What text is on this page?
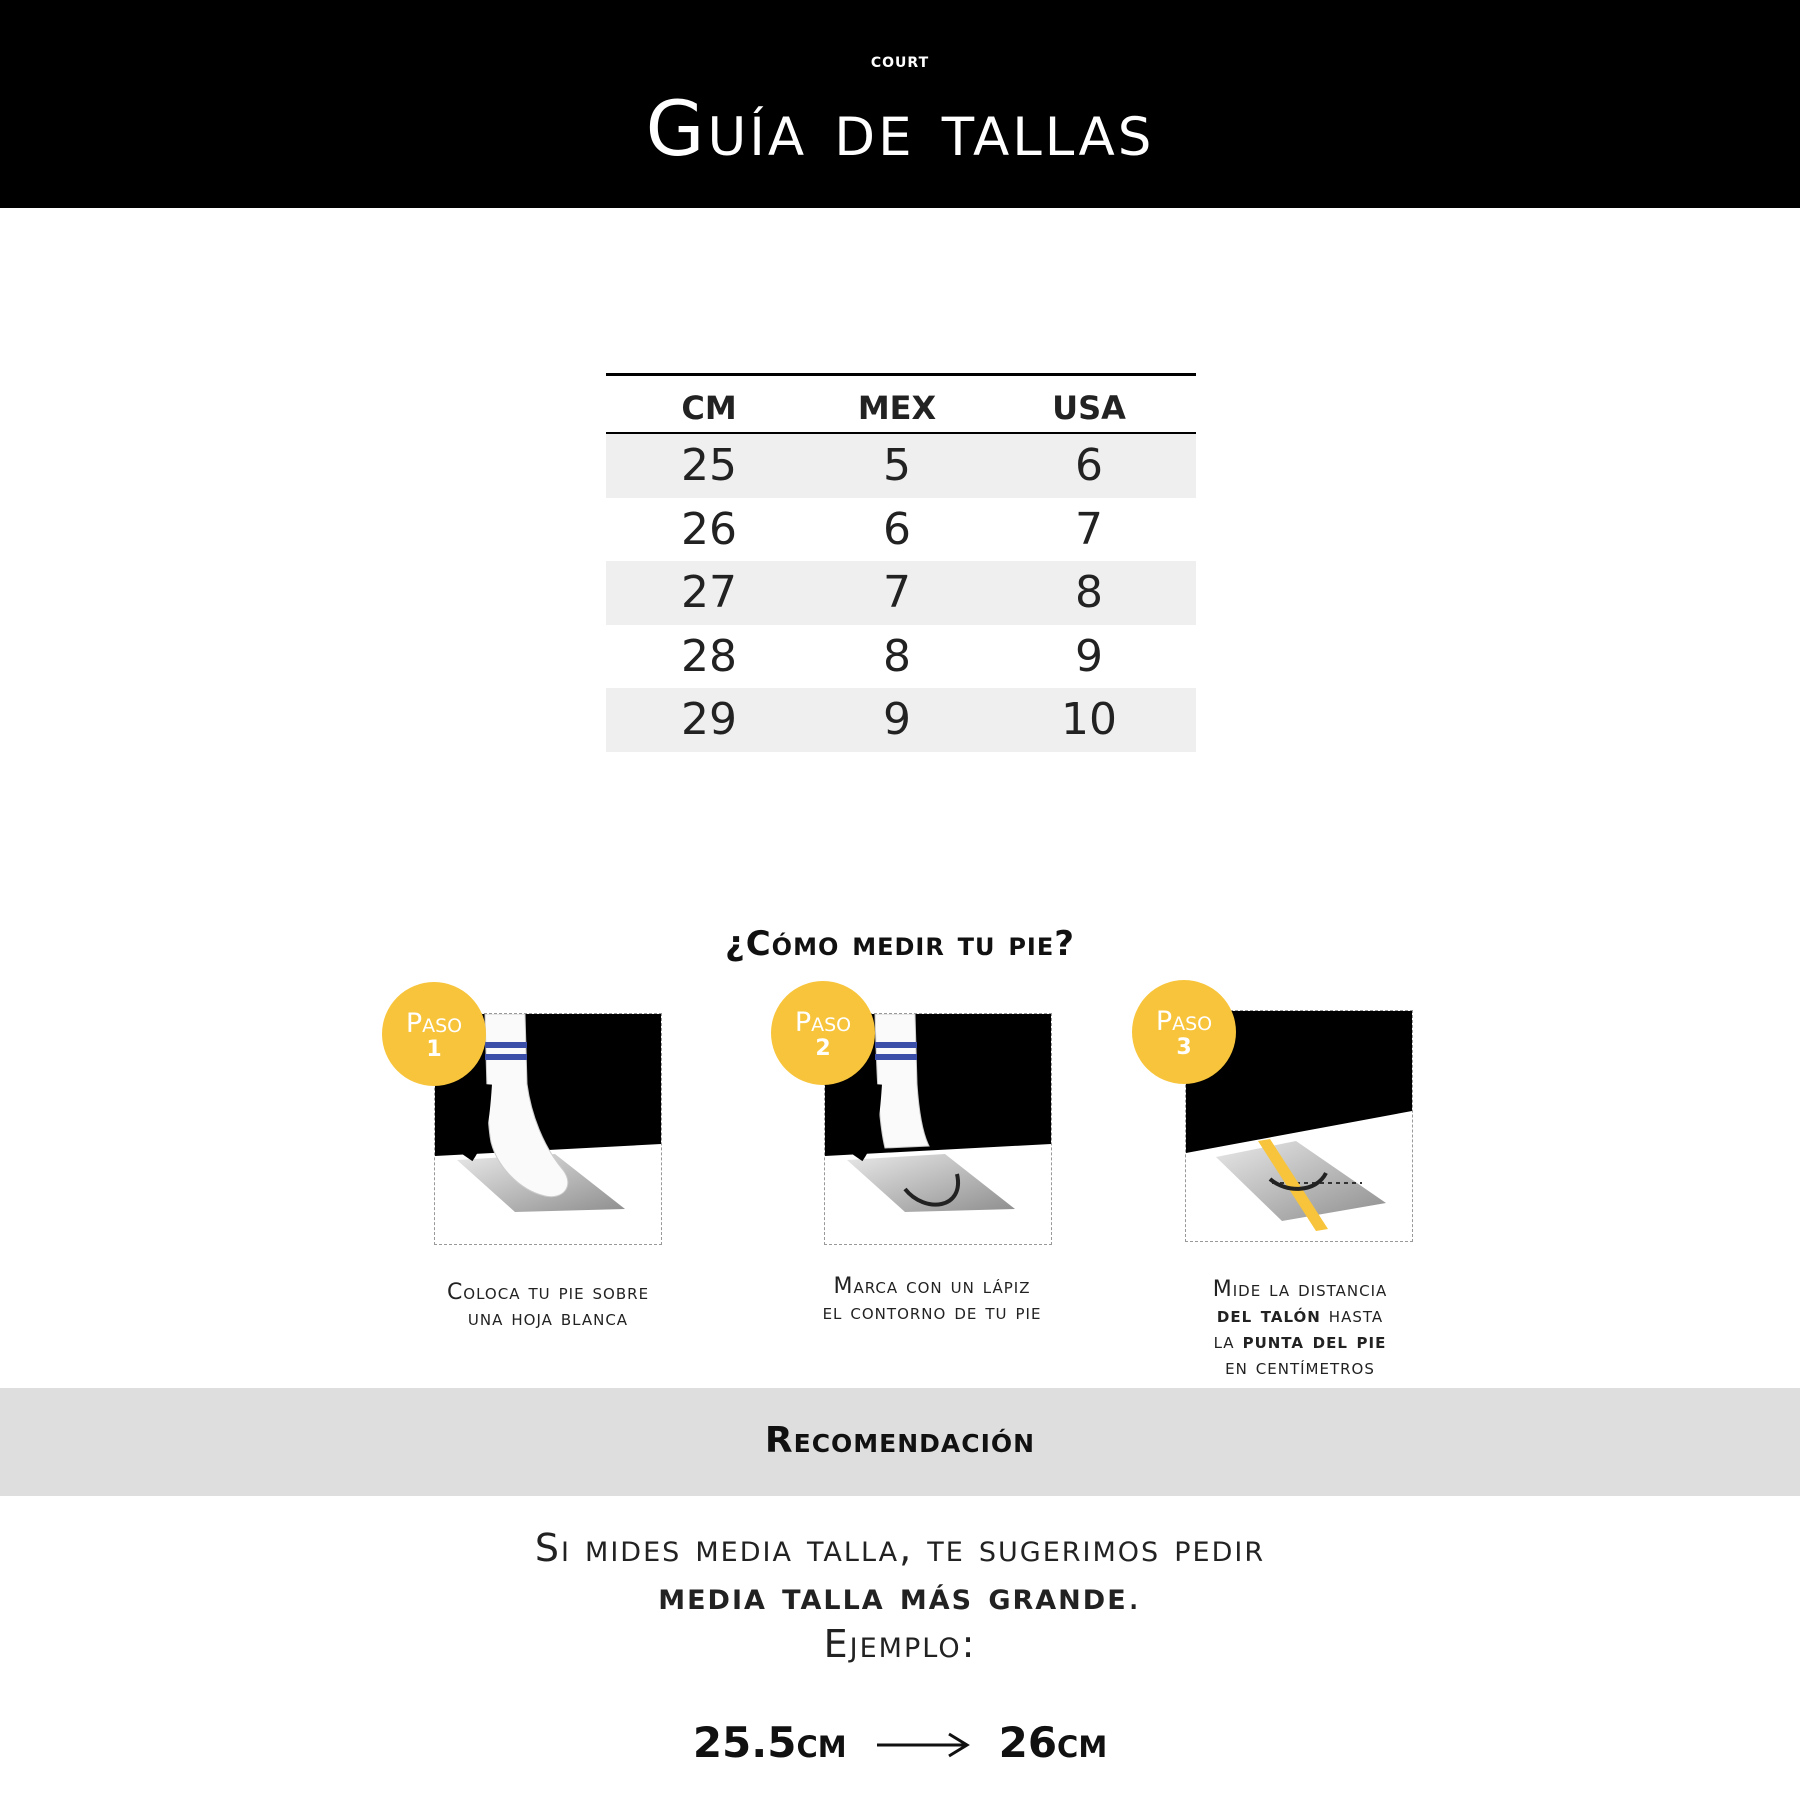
court
Guía de tallas
CM	MEX	USA
25	5	6
26	6	7
27	7	8
28	8	9
29	9	10
¿Cómo medir tu pie?
Paso
1
Coloca tu pie sobre
una hoja blanca
Paso
2
Marca con un lápiz
el contorno de tu pie
Paso
3
Mide la distancia
del talón hasta
la punta del pie
en centímetros
Recomendación
Si mides media talla, te sugerimos pedir
media talla más grande.
Ejemplo:
25.5cm	26cm
